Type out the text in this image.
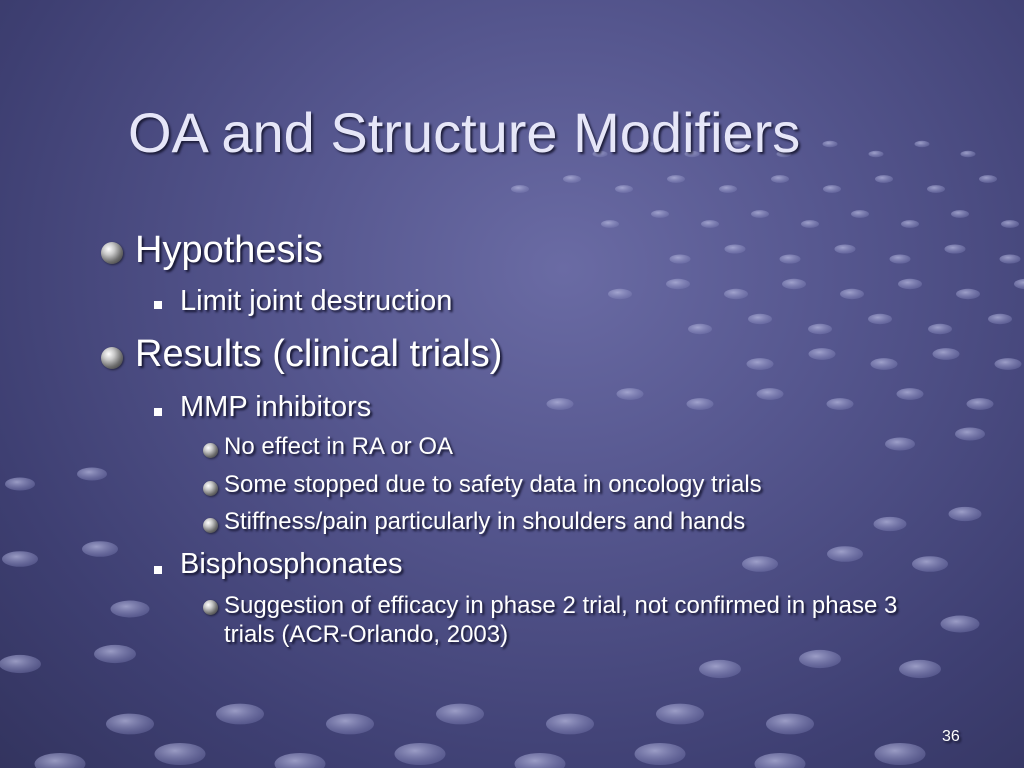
OA and Structure Modifiers
Hypothesis
Limit joint destruction
Results (clinical trials)
MMP inhibitors
No effect in RA or OA
Some stopped due to safety data in oncology trials
Stiffness/pain particularly in shoulders and hands
Bisphosphonates
Suggestion of efficacy in phase 2 trial, not confirmed in phase 3 trials (ACR-Orlando, 2003)
36
